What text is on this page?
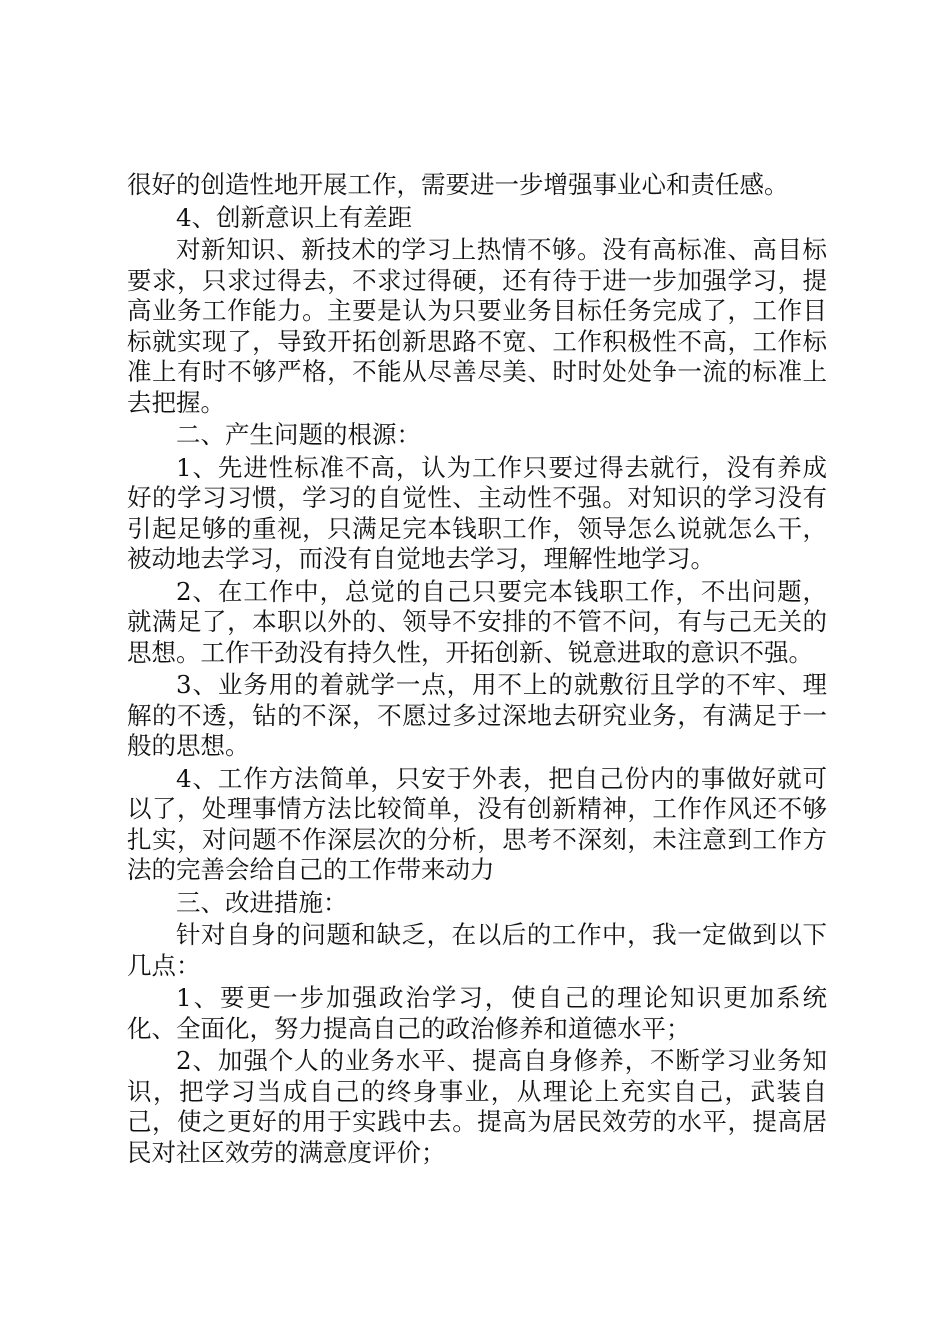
很好的创造性地开展工作，需要进一步增强事业心和责任感。

4、创新意识上有差距

对新知识、新技术的学习上热情不够。没有高标准、高目标要求，只求过得去，不求过得硬，还有待于进一步加强学习，提高业务工作能力。主要是认为只要业务目标任务完成了，工作目标就实现了，导致开拓创新思路不宽、工作积极性不高，工作标准上有时不够严格，不能从尽善尽美、时时处处争一流的标准上去把握。

二、产生问题的根源：

1、先进性标准不高，认为工作只要过得去就行，没有养成好的学习习惯，学习的自觉性、主动性不强。对知识的学习没有引起足够的重视，只满足完本钱职工作，领导怎么说就怎么干，被动地去学习，而没有自觉地去学习，理解性地学习。

2、在工作中，总觉的自己只要完本钱职工作，不出问题，就满足了，本职以外的、领导不安排的不管不问，有与己无关的思想。工作干劲没有持久性，开拓创新、锐意进取的意识不强。

3、业务用的着就学一点，用不上的就敷衍且学的不牢、理解的不透，钻的不深，不愿过多过深地去研究业务，有满足于一般的思想。

4、工作方法简单，只安于外表，把自己份内的事做好就可以了，处理事情方法比较简单，没有创新精神，工作作风还不够扎实，对问题不作深层次的分析，思考不深刻，未注意到工作方法的完善会给自己的工作带来动力

三、改进措施：

针对自身的问题和缺乏，在以后的工作中，我一定做到以下几点：

1、要更一步加强政治学习，使自己的理论知识更加系统化、全面化，努力提高自己的政治修养和道德水平；

2、加强个人的业务水平、提高自身修养，不断学习业务知识，把学习当成自己的终身事业，从理论上充实自己，武装自己，使之更好的用于实践中去。提高为居民效劳的水平，提高居民对社区效劳的满意度评价；
